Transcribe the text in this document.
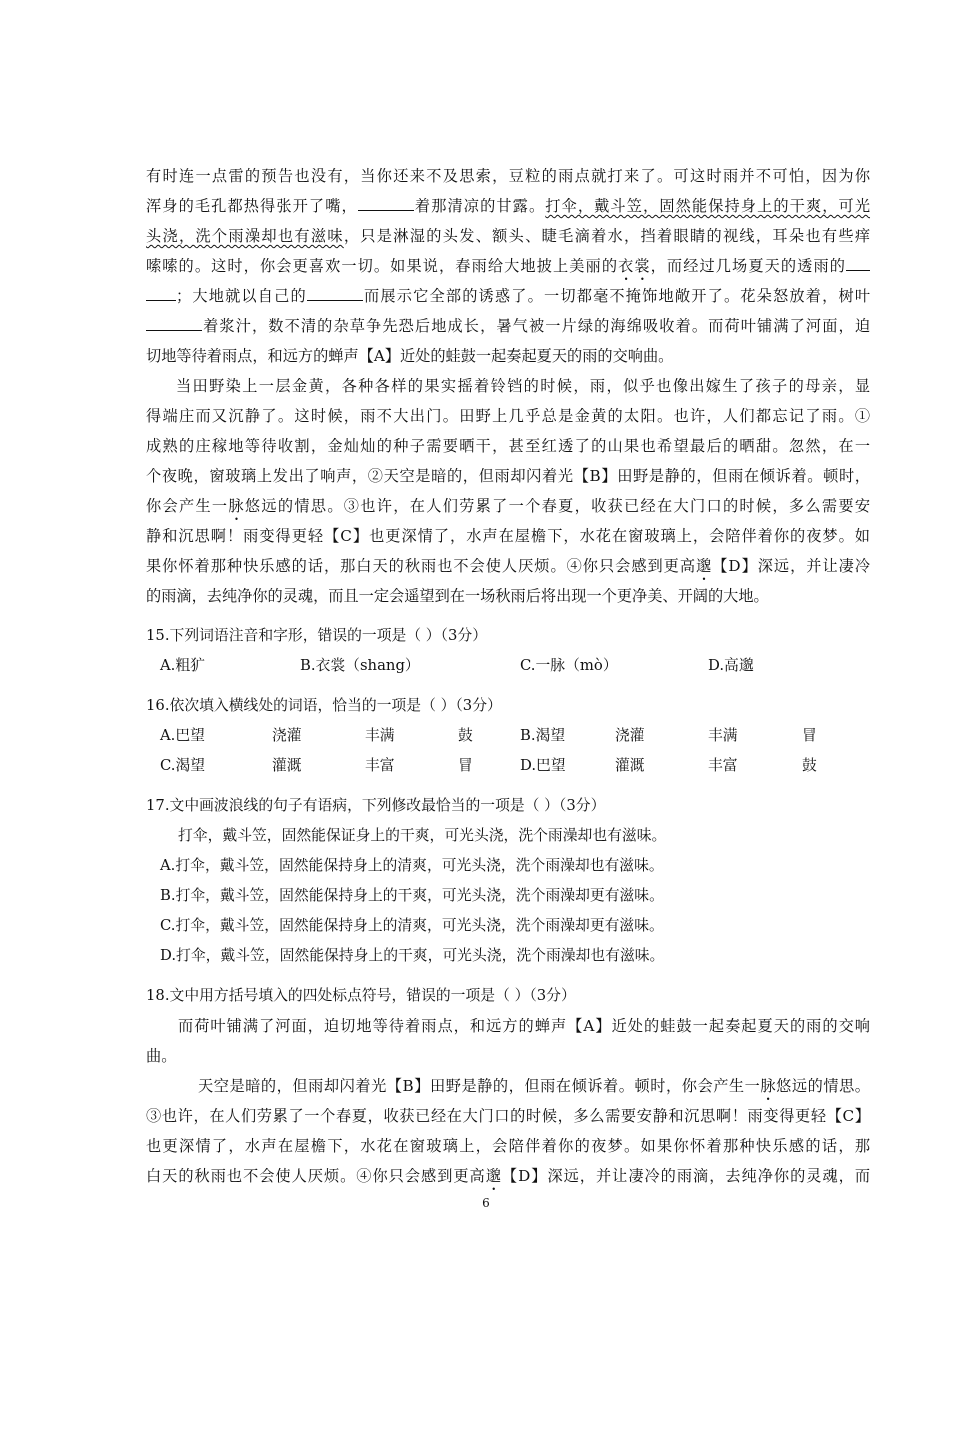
有时连一点雷的预告也没有，当你还来不及思索，豆粒的雨点就打来了。可这时雨并不可怕，因为你
浑身的毛孔都热得张开了嘴，	着那清凉的甘露。打伞，戴斗笠，固然能保持身上的干爽，可光
头浇，洗个雨澡却也有滋味，只是淋湿的头发、额头、睫毛滴着水，挡着眼睛的视线，耳朵也有些痒
嗦嗦的。这时，你会更喜欢一切。如果说，春雨给大地披上美丽的衣裳，而经过几场夏天的透雨的
；大地就以自己的	而展示它全部的诱惑了。一切都毫不掩饰地敞开了。花朵怒放着，树叶
着浆汁，数不清的杂草争先恐后地成长，暑气被一片绿的海绵吸收着。而荷叶铺满了河面，迫
切地等待着雨点，和远方的蝉声【A】近处的蛙鼓一起奏起夏天的雨的交响曲。
当田野染上一层金黄，各种各样的果实摇着铃铛的时候，雨，似乎也像出嫁生了孩子的母亲，显
得端庄而又沉静了。这时候，雨不大出门。田野上几乎总是金黄的太阳。也许，人们都忘记了雨。①
成熟的庄稼地等待收割，金灿灿的种子需要晒干，甚至红透了的山果也希望最后的晒甜。忽然，在一
个夜晚，窗玻璃上发出了响声，②天空是暗的，但雨却闪着光【B】田野是静的，但雨在倾诉着。顿时，
你会产生一脉悠远的情思。③也许，在人们劳累了一个春夏，收获已经在大门口的时候，多么需要安
静和沉思啊！雨变得更轻【C】也更深情了，水声在屋檐下，水花在窗玻璃上，会陪伴着你的夜梦。如
果你怀着那种快乐感的话，那白天的秋雨也不会使人厌烦。④你只会感到更高邈【D】深远，并让凄冷
的雨滴，去纯净你的灵魂，而且一定会遥望到在一场秋雨后将出现一个更净美、开阔的大地。
15.下列词语注音和字形，错误的一项是（ ）（3分）
A.粗犷	B.衣裳（shang）	C.一脉（mò）	D.高邈
16.依次填入横线处的词语，恰当的一项是（ ）（3分）
A.巴望	浇灌	丰满	鼓	B.渴望	浇灌	丰满	冒
C.渴望	灌溉	丰富	冒	D.巴望	灌溉	丰富	鼓
17.文中画波浪线的句子有语病，下列修改最恰当的一项是（ ）（3分）
打伞，戴斗笠，固然能保证身上的干爽，可光头浇，洗个雨澡却也有滋味。
A.打伞，戴斗笠，固然能保持身上的清爽，可光头浇，洗个雨澡却也有滋味。
B.打伞，戴斗笠，固然能保持身上的干爽，可光头浇，洗个雨澡却更有滋味。
C.打伞，戴斗笠，固然能保持身上的清爽，可光头浇，洗个雨澡却更有滋味。
D.打伞，戴斗笠，固然能保持身上的干爽，可光头浇，洗个雨澡却也有滋味。
18.文中用方括号填入的四处标点符号，错误的一项是（ ）（3分）
而荷叶铺满了河面，迫切地等待着雨点，和远方的蝉声【A】近处的蛙鼓一起奏起夏天的雨的交响
曲。
天空是暗的，但雨却闪着光【B】田野是静的，但雨在倾诉着。顿时，你会产生一脉悠远的情思。
③也许，在人们劳累了一个春夏，收获已经在大门口的时候，多么需要安静和沉思啊！雨变得更轻【C】
也更深情了，水声在屋檐下，水花在窗玻璃上，会陪伴着你的夜梦。如果你怀着那种快乐感的话，那
白天的秋雨也不会使人厌烦。④你只会感到更高邈【D】深远，并让凄冷的雨滴，去纯净你的灵魂，而
6
